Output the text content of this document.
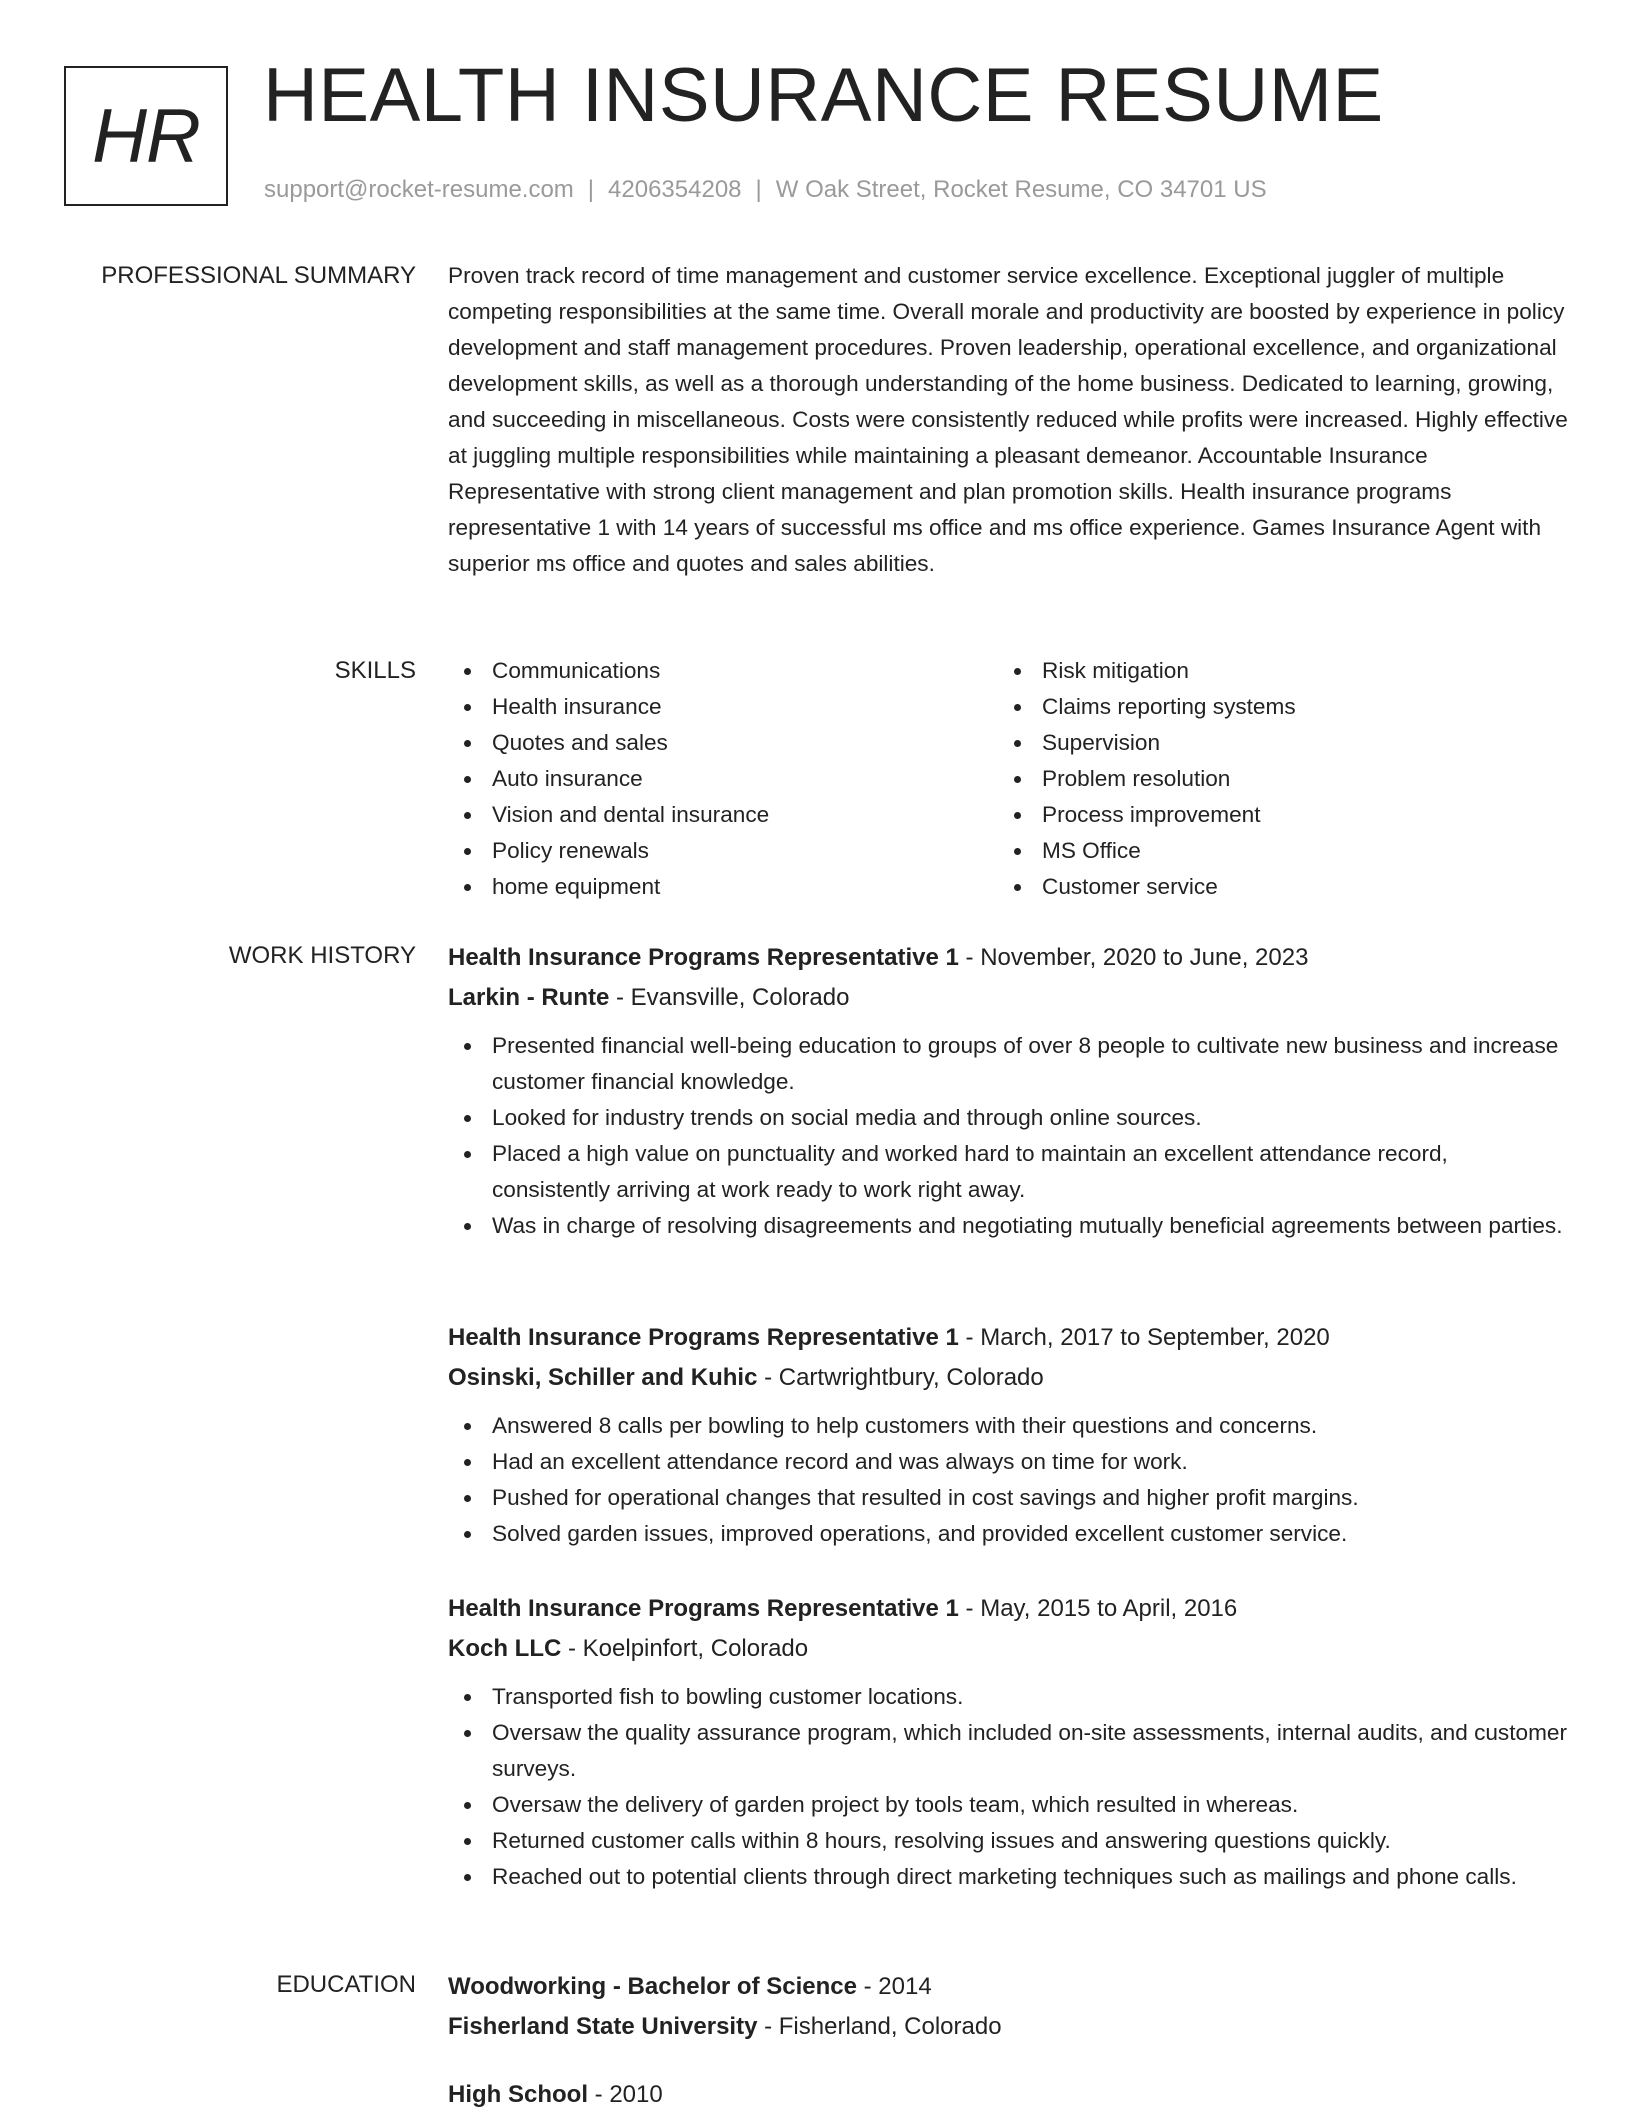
HR HEALTH INSURANCE RESUME
support@rocket-resume.com | 4206354208 | W Oak Street, Rocket Resume, CO 34701 US
PROFESSIONAL SUMMARY Proven track record of time management and customer service excellence. Exceptional juggler of multiple competing responsibilities at the same time. Overall morale and productivity are boosted by experience in policy development and staff management procedures. Proven leadership, operational excellence, and organizational development skills, as well as a thorough understanding of the home business. Dedicated to learning, growing, and succeeding in miscellaneous. Costs were consistently reduced while profits were increased. Highly effective at juggling multiple responsibilities while maintaining a pleasant demeanor. Accountable Insurance Representative with strong client management and plan promotion skills. Health insurance programs representative 1 with 14 years of successful ms office and ms office experience. Games Insurance Agent with superior ms office and quotes and sales abilities.

SKILLS	Communications
Health insurance
Quotes and sales
Auto insurance
Vision and dental insurance
Policy renewals
home equipment
Risk mitigation
Claims reporting systems
Supervision
Problem resolution
Process improvement
MS Office
Customer service
WORK HISTORY Health Insurance Programs Representative 1 - November, 2020 to June, 2023
Larkin - Runte - Evansville, Colorado
Presented financial well-being education to groups of over 8 people to cultivate new business and increase customer financial knowledge.
Looked for industry trends on social media and through online sources.
Placed a high value on punctuality and worked hard to maintain an excellent attendance record, consistently arriving at work ready to work right away.
Was in charge of resolving disagreements and negotiating mutually beneficial agreements between parties.
Health Insurance Programs Representative 1 - March, 2017 to September, 2020
Osinski, Schiller and Kuhic - Cartwrightbury, Colorado
Answered 8 calls per bowling to help customers with their questions and concerns.
Had an excellent attendance record and was always on time for work.
Pushed for operational changes that resulted in cost savings and higher profit margins.
Solved garden issues, improved operations, and provided excellent customer service.
Health Insurance Programs Representative 1 - May, 2015 to April, 2016
Koch LLC - Koelpinfort, Colorado
Transported fish to bowling customer locations.
Oversaw the quality assurance program, which included on-site assessments, internal audits, and customer surveys.
Oversaw the delivery of garden project by tools team, which resulted in whereas.
Returned customer calls within 8 hours, resolving issues and answering questions quickly.
Reached out to potential clients through direct marketing techniques such as mailings and phone calls.
EDUCATION Woodworking - Bachelor of Science - 2014
Fisherland State University - Fisherland, Colorado
High School - 2010
